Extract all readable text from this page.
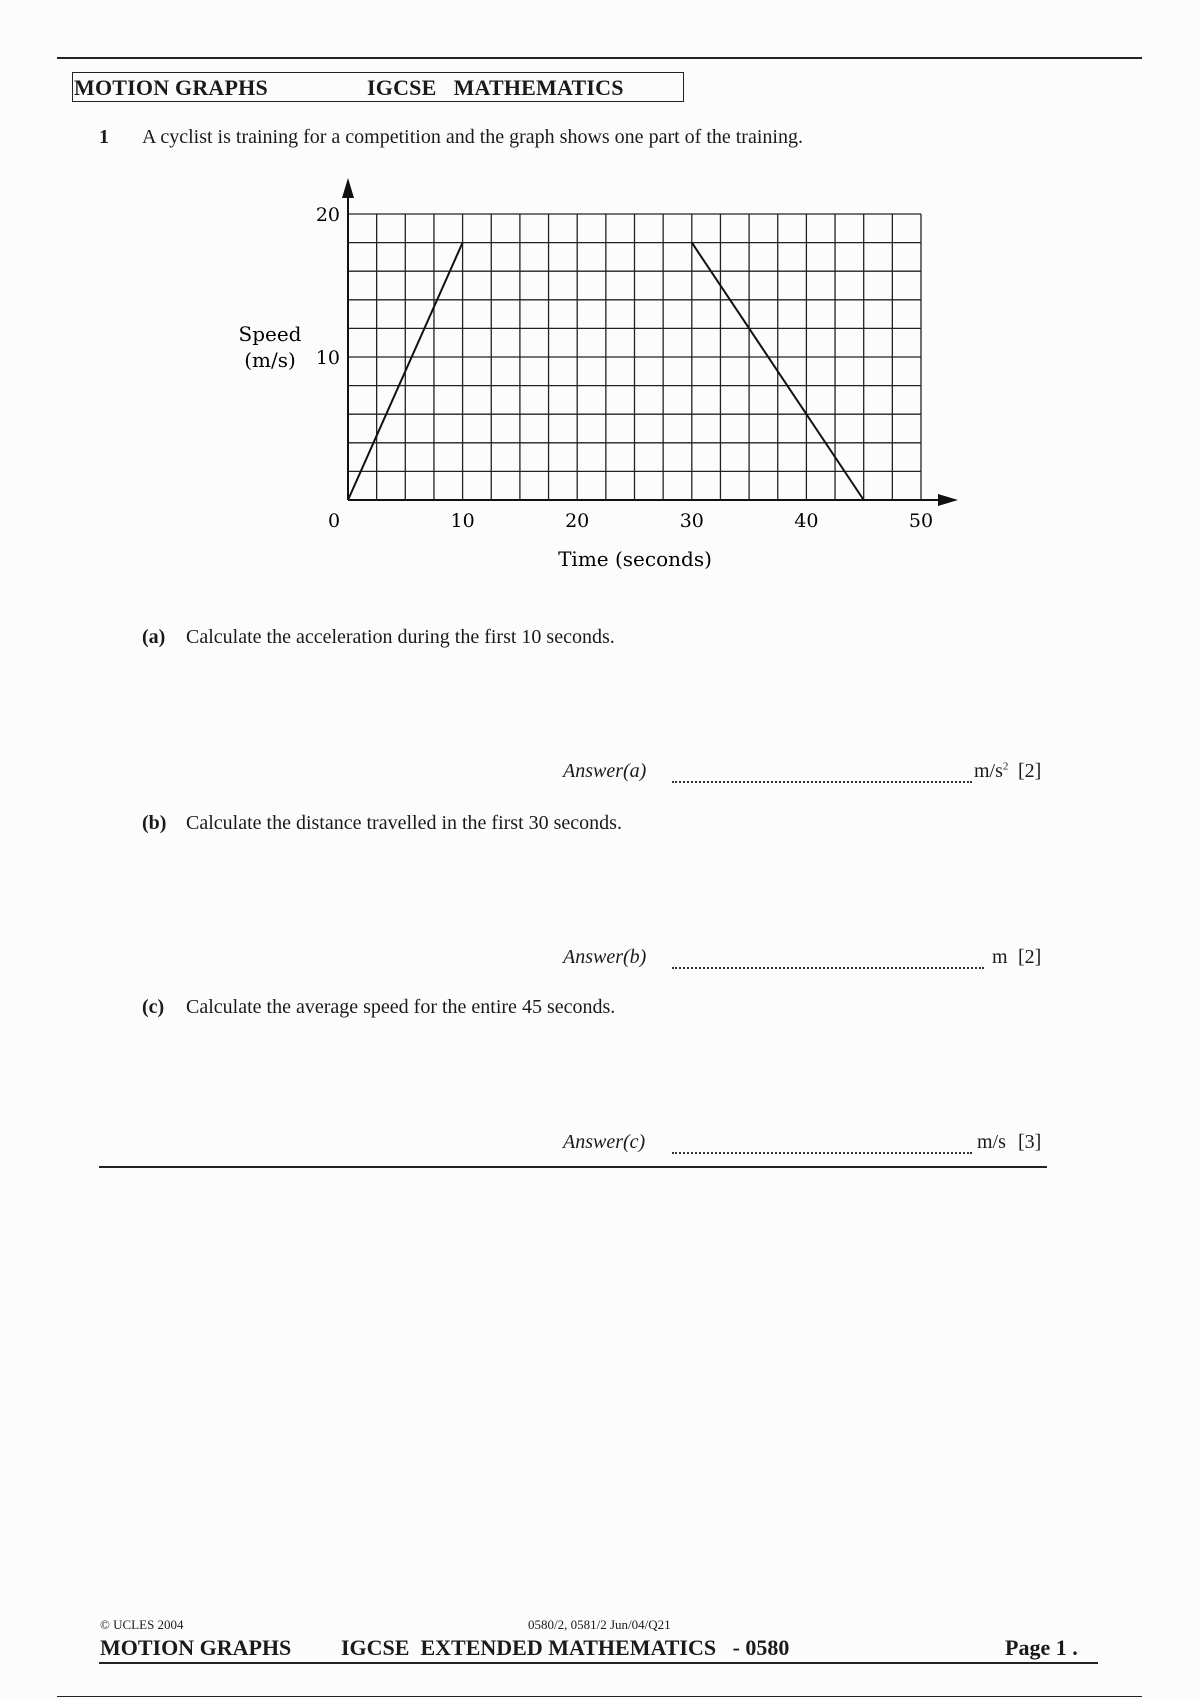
MOTION GRAPHS	IGCSE   MATHEMATICS
1 A cyclist is training for a competition and the graph shows one part of the training.
0	10	20	30	40	50
10
20
Speed
(m/s)
Time (seconds)
(a) Calculate the acceleration during the first 10 seconds.
Answer(a)	$m/s^2$ [2]
(b) Calculate the distance travelled in the first 30 seconds.
Answer(b)	m [2]
(c) Calculate the average speed for the entire 45 seconds.
Answer(c)	m/s [3]
© UCLES 2004	0580/2, 0581/2 Jun/04/Q21
MOTION GRAPHS IGCSE  EXTENDED MATHEMATICS   - 0580	Page 1 .
